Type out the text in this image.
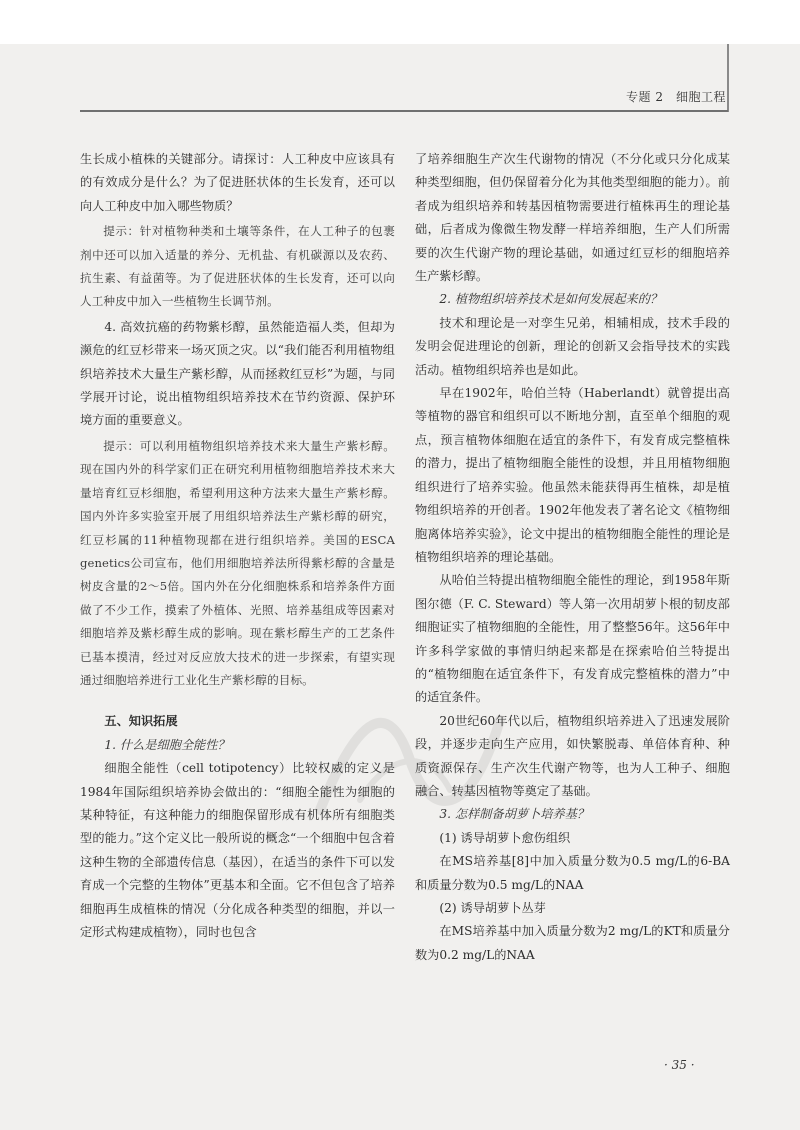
专题 2　细胞工程

生长成小植株的关键部分。请探讨：人工种皮中应该具有的有效成分是什么？为了促进胚状体的生长发育，还可以向人工种皮中加入哪些物质？

提示：针对植物种类和土壤等条件，在人工种子的包裹剂中还可以加入适量的养分、无机盐、有机碳源以及农药、抗生素、有益菌等。为了促进胚状体的生长发育，还可以向人工种皮中加入一些植物生长调节剂。

4. 高效抗癌的药物紫杉醇，虽然能造福人类，但却为濒危的红豆杉带来一场灭顶之灾。以“我们能否利用植物组织培养技术大量生产紫杉醇，从而拯救红豆杉”为题，与同学展开讨论，说出植物组织培养技术在节约资源、保护环境方面的重要意义。

提示：可以利用植物组织培养技术来大量生产紫杉醇。现在国内外的科学家们正在研究利用植物细胞培养技术来大量培育红豆杉细胞，希望利用这种方法来大量生产紫杉醇。国内外许多实验室开展了用组织培养法生产紫杉醇的研究，红豆杉属的11种植物现都在进行组织培养。美国的ESCA genetics公司宣布，他们用细胞培养法所得紫杉醇的含量是树皮含量的2～5倍。国内外在分化细胞株系和培养条件方面做了不少工作，摸索了外植体、光照、培养基组成等因素对细胞培养及紫杉醇生成的影响。现在紫杉醇生产的工艺条件已基本摸清，经过对反应放大技术的进一步探索，有望实现通过细胞培养进行工业化生产紫杉醇的目标。

五、知识拓展

1. 什么是细胞全能性？

细胞全能性（cell totipotency）比较权威的定义是1984年国际组织培养协会做出的：“细胞全能性为细胞的某种特征，有这种能力的细胞保留形成有机体所有细胞类型的能力。”这个定义比一般所说的概念“一个细胞中包含着这种生物的全部遗传信息（基因），在适当的条件下可以发育成一个完整的生物体”更基本和全面。它不但包含了培养细胞再生成植株的情况（分化成各种类型的细胞，并以一定形式构建成植物），同时也包含

了培养细胞生产次生代谢物的情况（不分化或只分化成某种类型细胞，但仍保留着分化为其他类型细胞的能力）。前者成为组织培养和转基因植物需要进行植株再生的理论基础，后者成为像微生物发酵一样培养细胞，生产人们所需要的次生代谢产物的理论基础，如通过红豆杉的细胞培养生产紫杉醇。

2. 植物组织培养技术是如何发展起来的？

技术和理论是一对孪生兄弟，相辅相成，技术手段的发明会促进理论的创新，理论的创新又会指导技术的实践活动。植物组织培养也是如此。

早在1902年，哈伯兰特（Haberlandt）就曾提出高等植物的器官和组织可以不断地分割，直至单个细胞的观点，预言植物体细胞在适宜的条件下，有发育成完整植株的潜力，提出了植物细胞全能性的设想，并且用植物细胞组织进行了培养实验。他虽然未能获得再生植株，却是植物组织培养的开创者。1902年他发表了著名论文《植物细胞离体培养实验》，论文中提出的植物细胞全能性的理论是植物组织培养的理论基础。

从哈伯兰特提出植物细胞全能性的理论，到1958年斯图尔德（F. C. Steward）等人第一次用胡萝卜根的韧皮部细胞证实了植物细胞的全能性，用了整整56年。这56年中许多科学家做的事情归纳起来都是在探索哈伯兰特提出的“植物细胞在适宜条件下，有发育成完整植株的潜力”中的适宜条件。

20世纪60年代以后，植物组织培养进入了迅速发展阶段，并逐步走向生产应用，如快繁脱毒、单倍体育种、种质资源保存、生产次生代谢产物等，也为人工种子、细胞融合、转基因植物等奠定了基础。

3. 怎样制备胡萝卜培养基？

(1) 诱导胡萝卜愈伤组织

在MS培养基[8]中加入质量分数为0.5 mg/L的6-BA和质量分数为0.5 mg/L的NAA

(2) 诱导胡萝卜丛芽

在MS培养基中加入质量分数为2 mg/L的KT和质量分数为0.2 mg/L的NAA

· 35 ·
